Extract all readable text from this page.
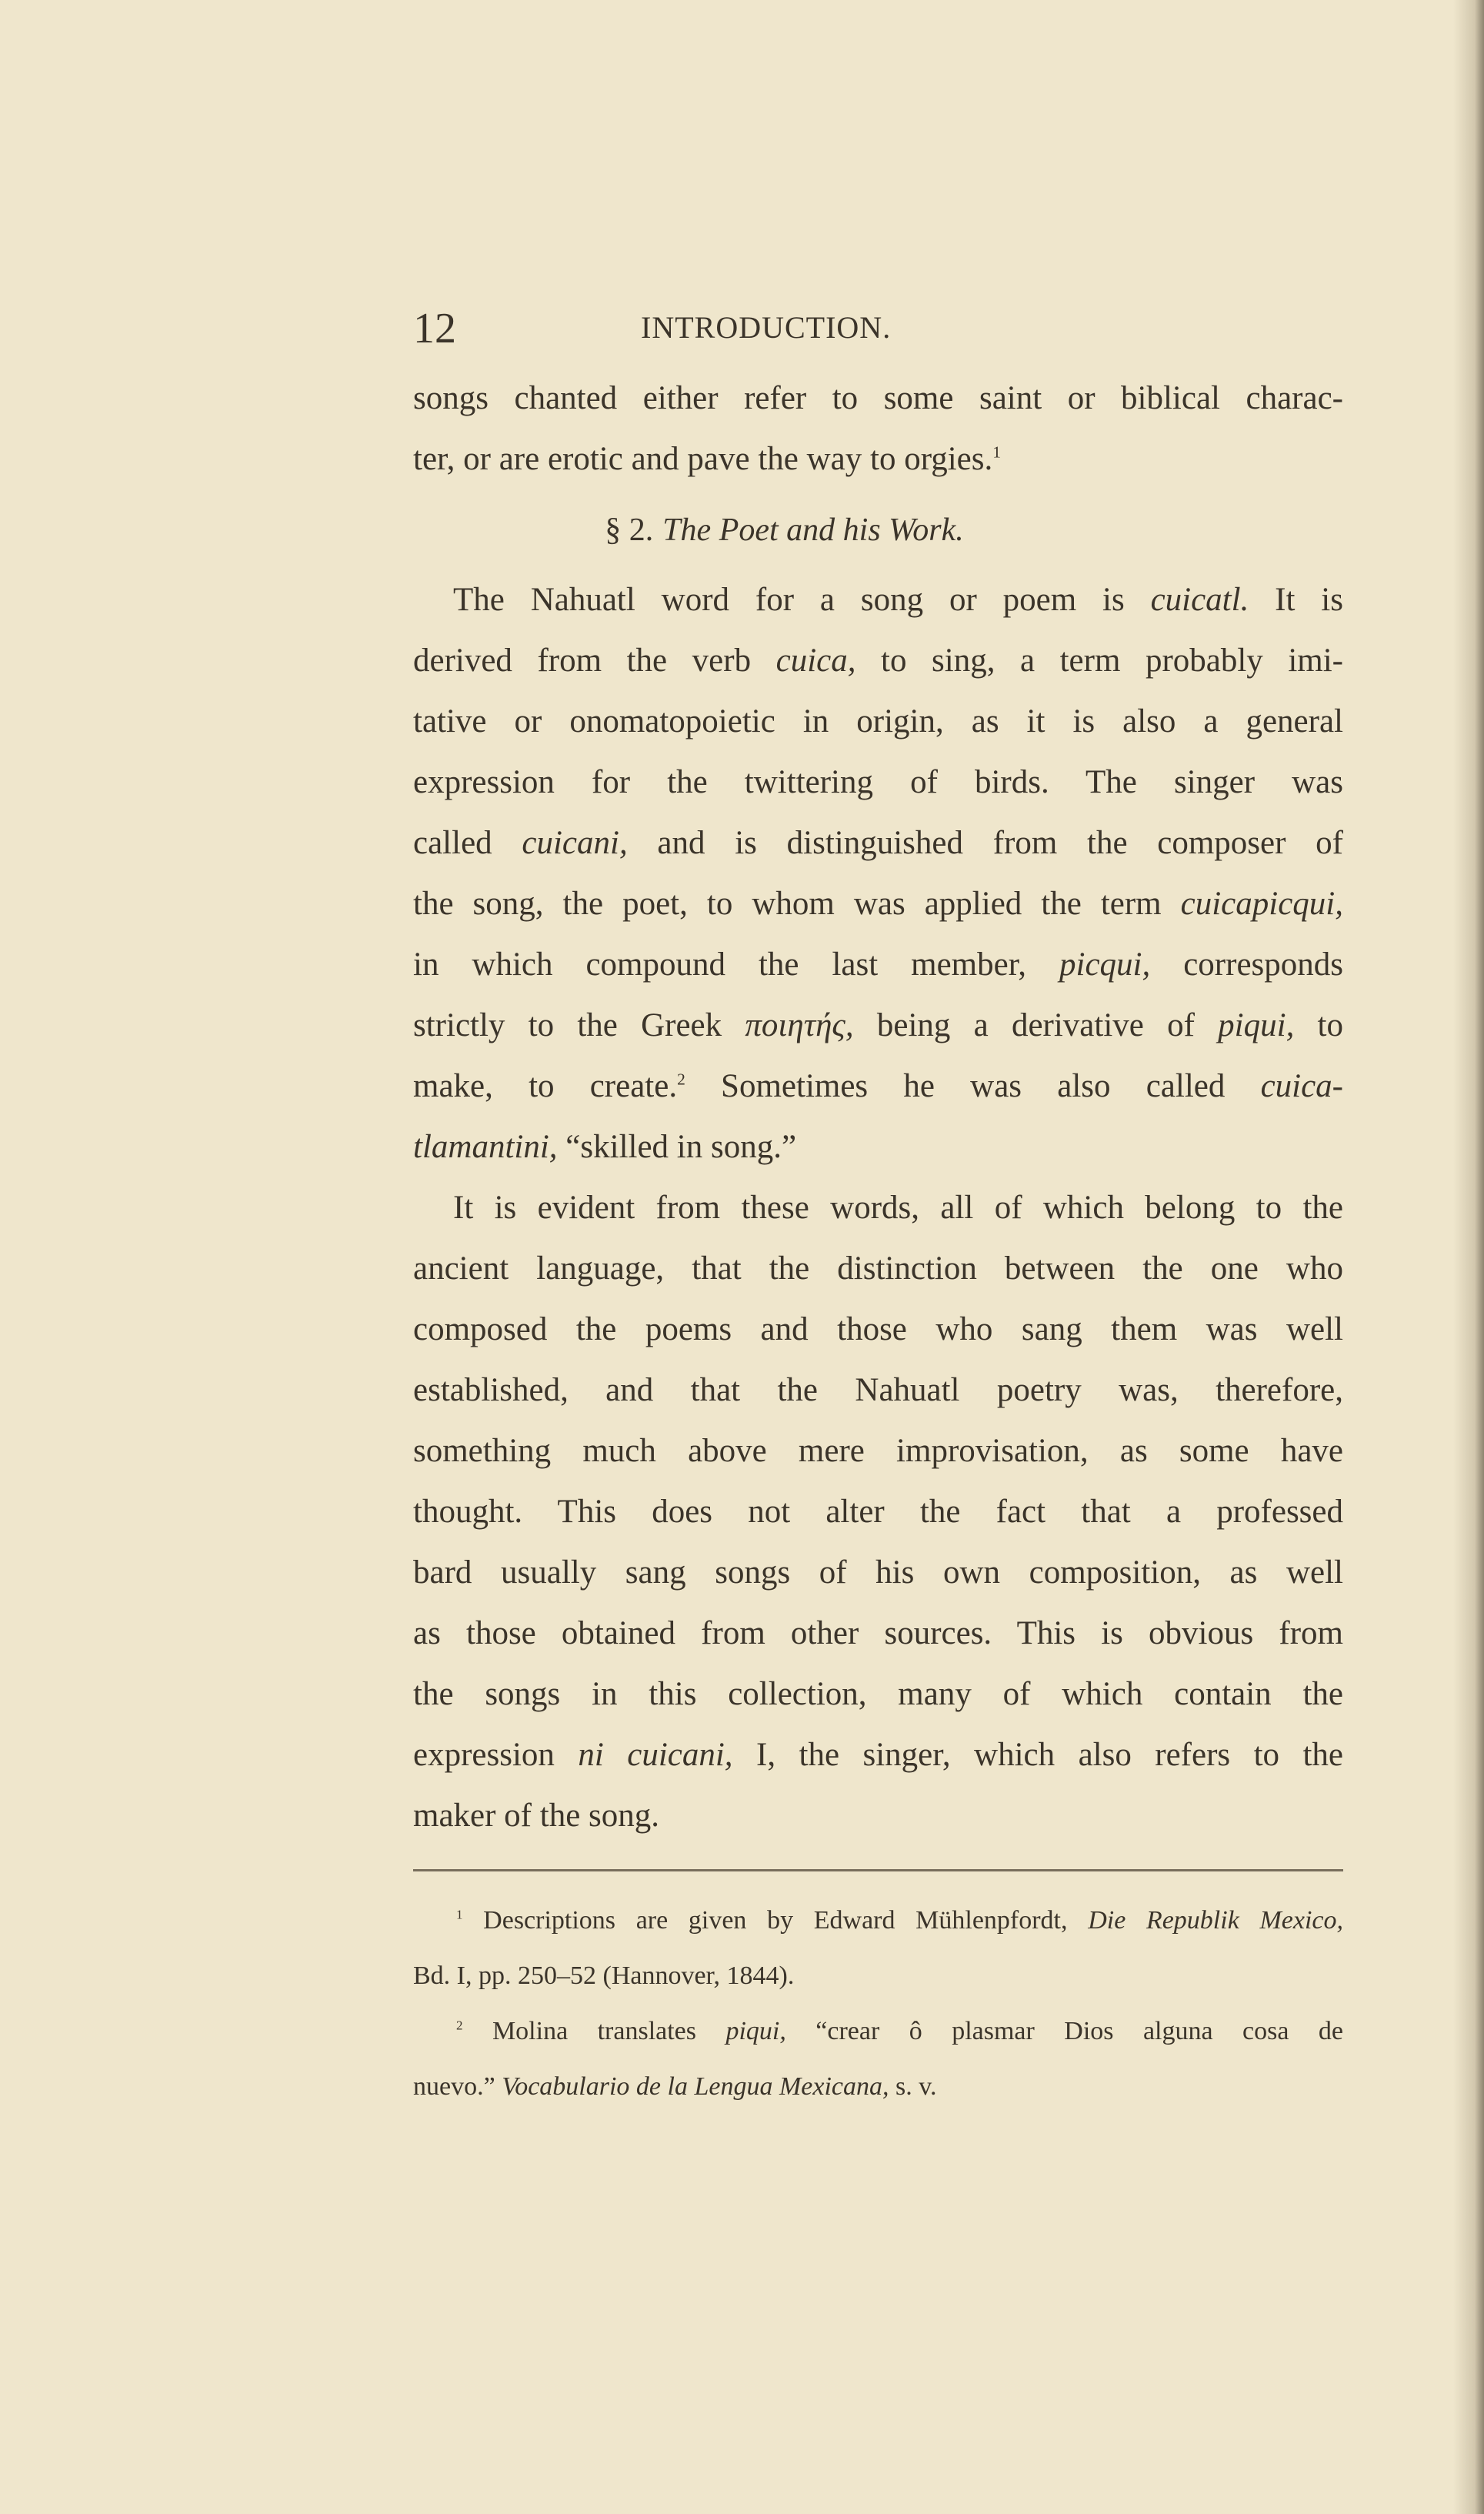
12	INTRODUCTION.
songs chanted either refer to some saint or biblical charac-
ter, or are erotic and pave the way to orgies.$^1$
§ 2. The Poet and his Work.
The Nahuatl word for a song or poem is cuicatl. It is
derived from the verb cuica, to sing, a term probably imi-
tative or onomatopoietic in origin, as it is also a general
expression for the twittering of birds. The singer was
called cuicani, and is distinguished from the composer of
the song, the poet, to whom was applied the term cuicapicqui,
in which compound the last member, picqui, corresponds
strictly to the Greek ποιητής, being a derivative of piqui, to
make, to create.$^2$ Sometimes he was also called cuica-
tlamantini, “skilled in song.”
It is evident from these words, all of which belong to the
ancient language, that the distinction between the one who
composed the poems and those who sang them was well
established, and that the Nahuatl poetry was, therefore,
something much above mere improvisation, as some have
thought. This does not alter the fact that a professed
bard usually sang songs of his own composition, as well
as those obtained from other sources. This is obvious from
the songs in this collection, many of which contain the
expression ni cuicani, I, the singer, which also refers to the
maker of the song.
$^1$ Descriptions are given by Edward Mühlenpfordt, Die Republik Mexico,
Bd. I, pp. 250–52 (Hannover, 1844).
$^2$ Molina translates piqui, “crear ô plasmar Dios alguna cosa de
nuevo.” Vocabulario de la Lengua Mexicana, s. v.
